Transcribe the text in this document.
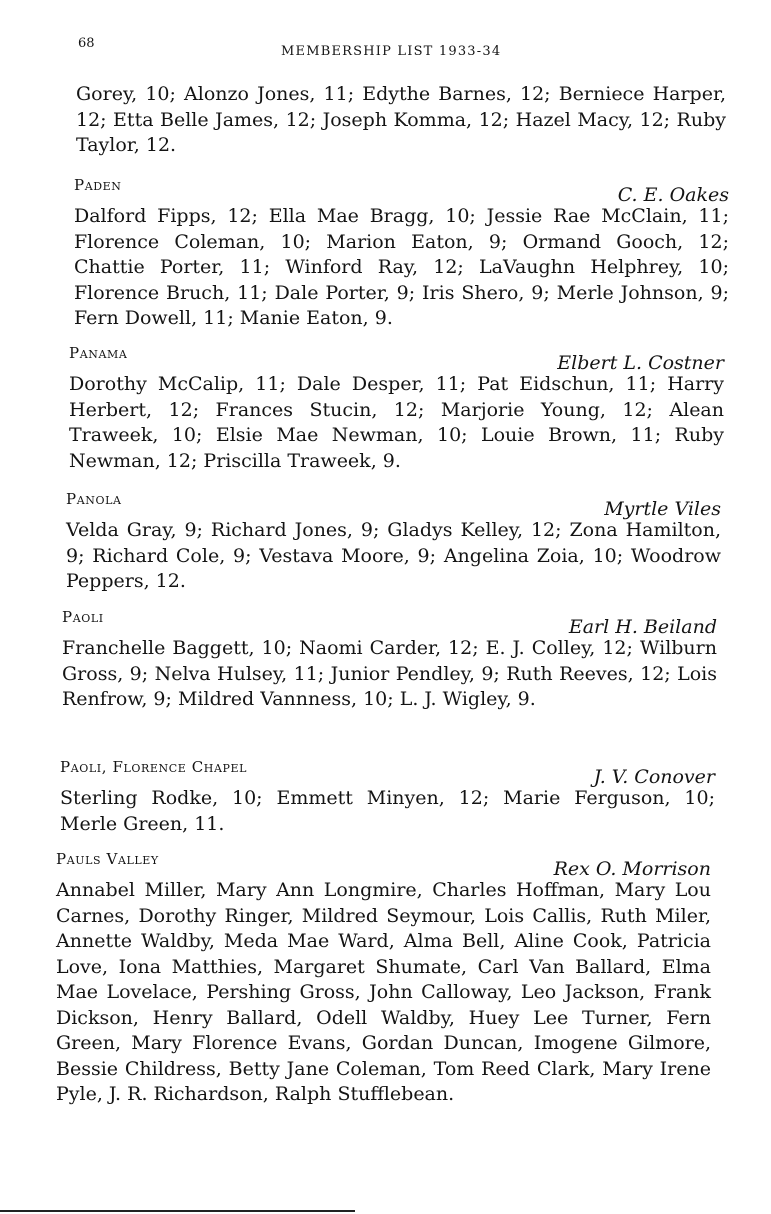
68
MEMBERSHIP LIST 1933-34

Gorey, 10; Alonzo Jones, 11; Edythe Barnes, 12; Berniece Harper, 12; Etta Belle James, 12; Joseph Komma, 12; Hazel Macy, 12; Ruby Taylor, 12.

Paden	C. E. Oakes

Dalford Fipps, 12; Ella Mae Bragg, 10; Jessie Rae McClain, 11; Florence Coleman, 10; Marion Eaton, 9; Ormand Gooch, 12; Chattie Porter, 11; Winford Ray, 12; LaVaughn Helphrey, 10; Florence Bruch, 11; Dale Porter, 9; Iris Shero, 9; Merle Johnson, 9; Fern Dowell, 11; Manie Eaton, 9.

Panama	Elbert L. Costner

Dorothy McCalip, 11; Dale Desper, 11; Pat Eidschun, 11; Harry Herbert, 12; Frances Stucin, 12; Marjorie Young, 12; Alean Traweek, 10; Elsie Mae Newman, 10; Louie Brown, 11; Ruby Newman, 12; Priscilla Traweek, 9.

Panola	Myrtle Viles

Velda Gray, 9; Richard Jones, 9; Gladys Kelley, 12; Zona Hamilton, 9; Richard Cole, 9; Vestava Moore, 9; Angelina Zoia, 10; Woodrow Peppers, 12.

Paoli	Earl H. Beiland

Franchelle Baggett, 10; Naomi Carder, 12; E. J. Colley, 12; Wilburn Gross, 9; Nelva Hulsey, 11; Junior Pendley, 9; Ruth Reeves, 12; Lois Renfrow, 9; Mildred Vannness, 10; L. J. Wigley, 9.

Paoli, Florence Chapel	J. V. Conover

Sterling Rodke, 10; Emmett Minyen, 12; Marie Ferguson, 10; Merle Green, 11.

Pauls Valley	Rex O. Morrison

Annabel Miller, Mary Ann Longmire, Charles Hoffman, Mary Lou Carnes, Dorothy Ringer, Mildred Seymour, Lois Callis, Ruth Miler, Annette Waldby, Meda Mae Ward, Alma Bell, Aline Cook, Patricia Love, Iona Matthies, Margaret Shumate, Carl Van Ballard, Elma Mae Lovelace, Pershing Gross, John Calloway, Leo Jackson, Frank Dickson, Henry Ballard, Odell Waldby, Huey Lee Turner, Fern Green, Mary Florence Evans, Gordan Duncan, Imogene Gilmore, Bessie Childress, Betty Jane Coleman, Tom Reed Clark, Mary Irene Pyle, J. R. Richardson, Ralph Stufflebean.
